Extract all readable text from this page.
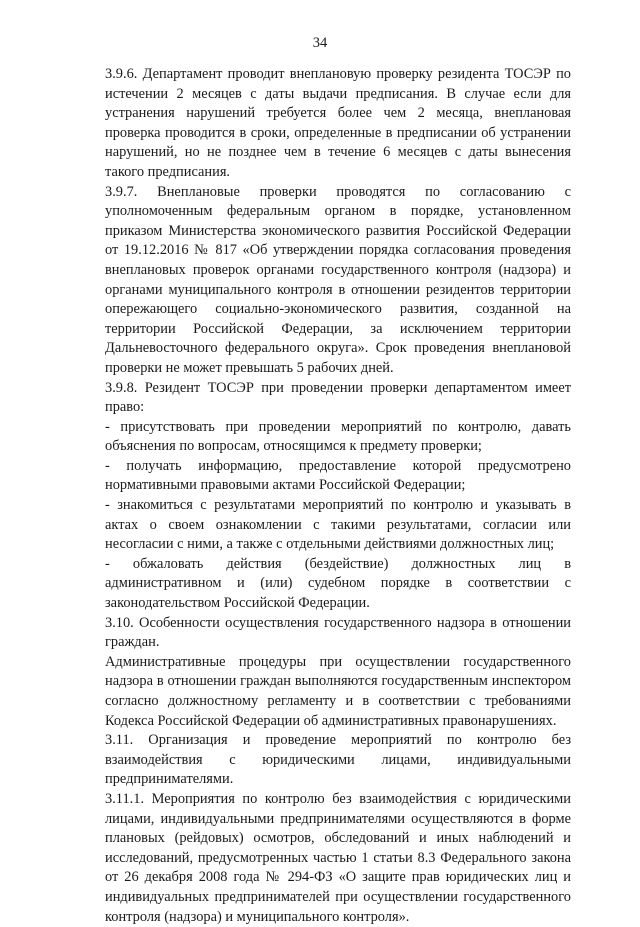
34

3.9.6. Департамент проводит внеплановую проверку резидента ТОСЭР по истечении 2 месяцев с даты выдачи предписания. В случае если для устранения нарушений требуется более чем 2 месяца, внеплановая проверка проводится в сроки, определенные в предписании об устранении нарушений, но не позднее чем в течение 6 месяцев с даты вынесения такого предписания.

3.9.7. Внеплановые проверки проводятся по согласованию с уполномоченным федеральным органом в порядке, установленном приказом Министерства экономического развития Российской Федерации от 19.12.2016 № 817 «Об утверждении порядка согласования проведения внеплановых проверок органами государственного контроля (надзора) и органами муниципального контроля в отношении резидентов территории опережающего социально-экономического развития, созданной на территории Российской Федерации, за исключением территории Дальневосточного федерального округа». Срок проведения внеплановой проверки не может превышать 5 рабочих дней.

3.9.8. Резидент ТОСЭР при проведении проверки департаментом имеет право:

- присутствовать при проведении мероприятий по контролю, давать объяснения по вопросам, относящимся к предмету проверки;

- получать информацию, предоставление которой предусмотрено нормативными правовыми актами Российской Федерации;

- знакомиться с результатами мероприятий по контролю и указывать в актах о своем ознакомлении с такими результатами, согласии или несогласии с ними, а также с отдельными действиями должностных лиц;

- обжаловать действия (бездействие) должностных лиц в административном и (или) судебном порядке в соответствии с законодательством Российской Федерации.

3.10. Особенности осуществления государственного надзора в отношении граждан.

Административные процедуры при осуществлении государственного надзора в отношении граждан выполняются государственным инспектором согласно должностному регламенту и в соответствии с требованиями Кодекса Российской Федерации об административных правонарушениях.

3.11. Организация и проведение мероприятий по контролю без взаимодействия с юридическими лицами, индивидуальными предпринимателями.

3.11.1. Мероприятия по контролю без взаимодействия с юридическими лицами, индивидуальными предпринимателями осуществляются в форме плановых (рейдовых) осмотров, обследований и иных наблюдений и исследований, предусмотренных частью 1 статьи 8.3 Федерального закона от 26 декабря 2008 года № 294-ФЗ «О защите прав юридических лиц и индивидуальных предпринимателей при осуществлении государственного контроля (надзора) и муниципального контроля».
